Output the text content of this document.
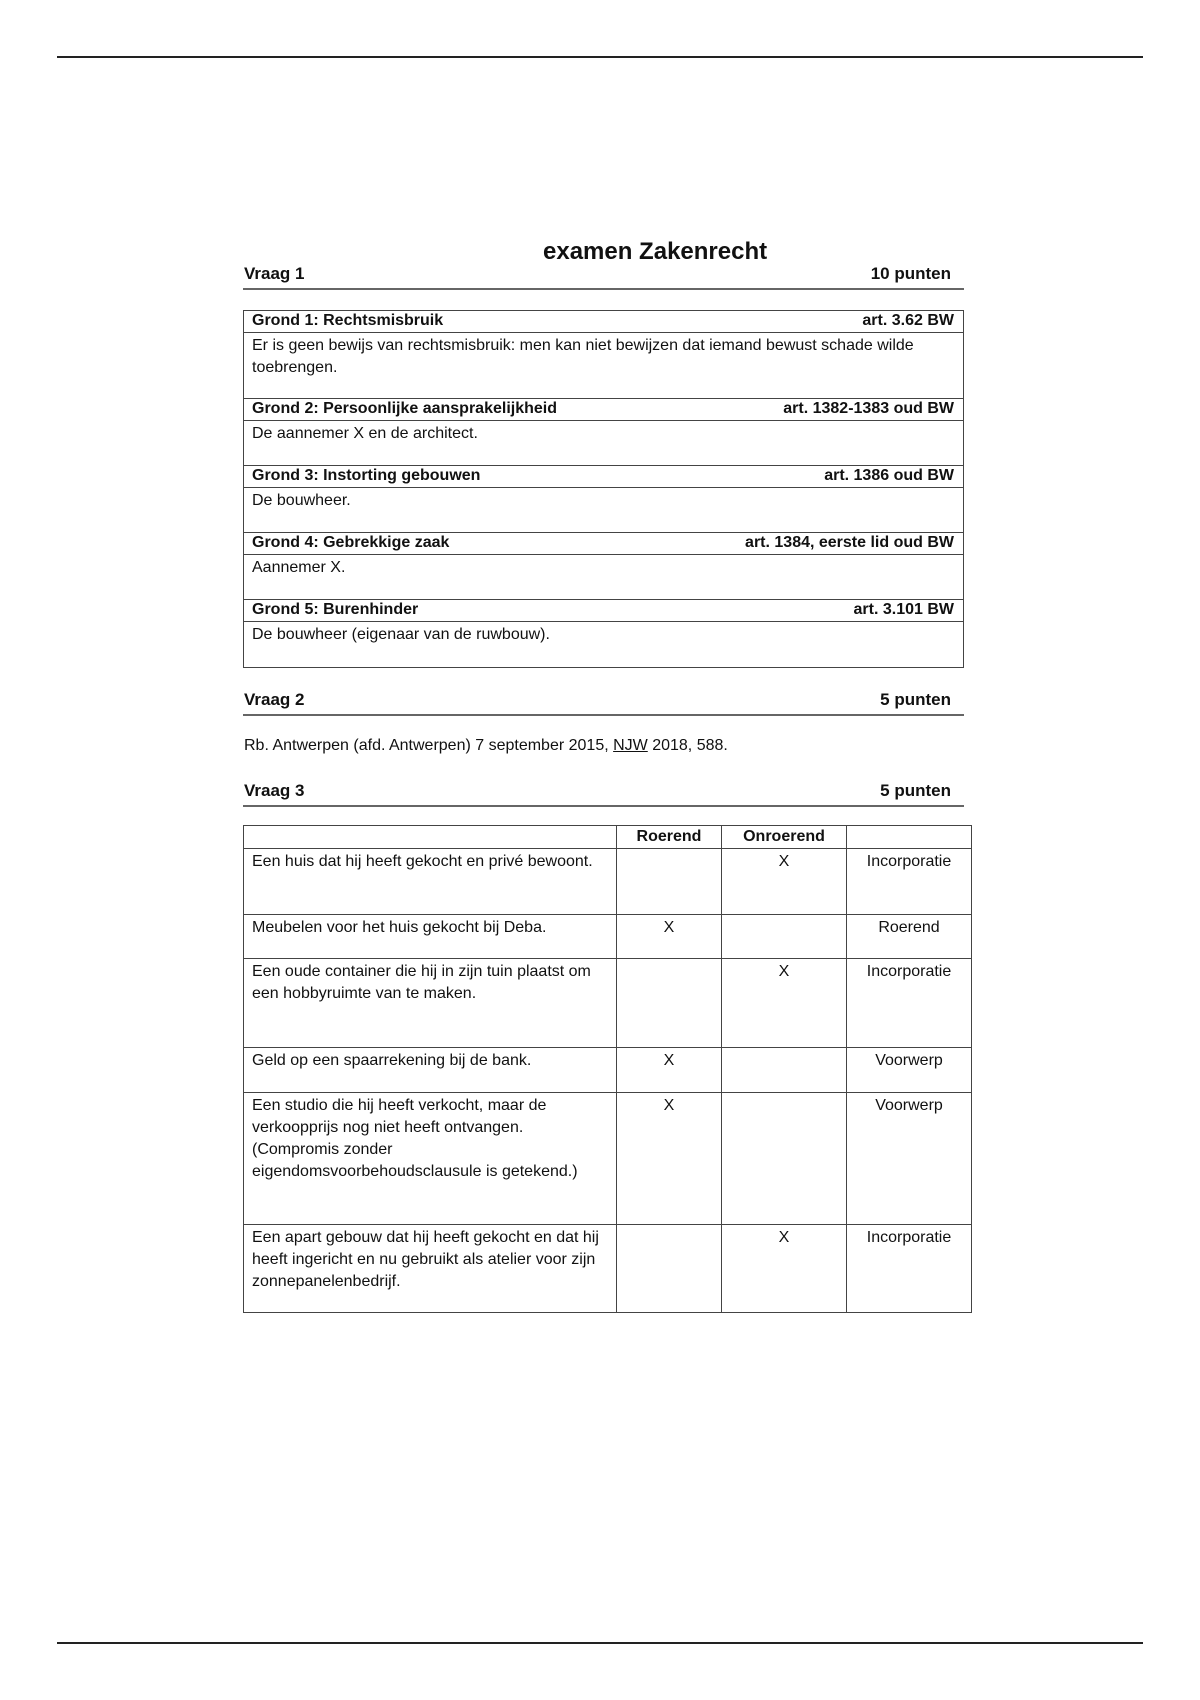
examen Zakenrecht
Vraag 1	10 punten
Grond 1: Rechtsmisbruik	art. 3.62 BW
Er is geen bewijs van rechtsmisbruik: men kan niet bewijzen dat iemand bewust schade wilde toebrengen.
Grond 2: Persoonlijke aansprakelijkheid	art. 1382-1383 oud BW
De aannemer X en de architect.
Grond 3: Instorting gebouwen	art. 1386 oud BW
De bouwheer.
Grond 4: Gebrekkige zaak	art. 1384, eerste lid oud BW
Aannemer X.
Grond 5: Burenhinder	art. 3.101 BW
De bouwheer (eigenaar van de ruwbouw).
Vraag 2	5 punten
Rb. Antwerpen (afd. Antwerpen) 7 september 2015, NJW 2018, 588.
Vraag 3	5 punten
	Roerend	Onroerend	
Een huis dat hij heeft gekocht en privé bewoont.		X	Incorporatie
Meubelen voor het huis gekocht bij Deba.	X		Roerend
Een oude container die hij in zijn tuin plaatst om een hobbyruimte van te maken.		X	Incorporatie
Geld op een spaarrekening bij de bank.	X		Voorwerp
Een studio die hij heeft verkocht, maar de verkoopprijs nog niet heeft ontvangen. (Compromis zonder eigendomsvoorbehoudsclausule is getekend.)	X		Voorwerp
Een apart gebouw dat hij heeft gekocht en dat hij heeft ingericht en nu gebruikt als atelier voor zijn zonnepanelenbedrijf.		X	Incorporatie
